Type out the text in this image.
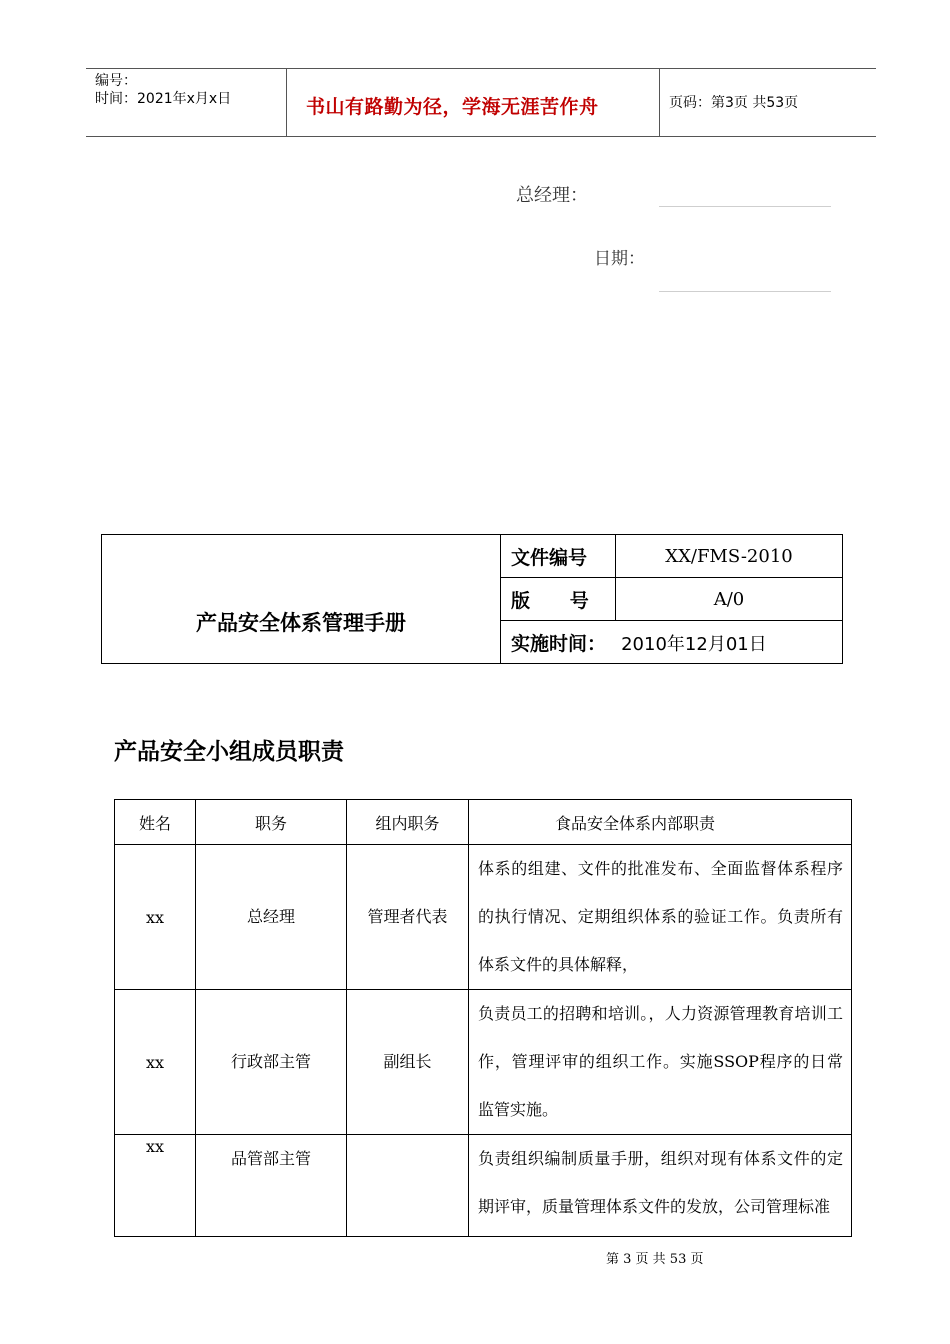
编号：
时间：2021年x月x日	书山有路勤为径，学海无涯苦作舟	页码：第3页 共53页
总经理：
日期：
产品安全体系管理手册	文件编号	XX/FMS-2010
	版      号	A/0
	实施时间： 2010年12月01日	
产品安全小组成员职责
姓名	职务	组内职务	食品安全体系内部职责
xx	总经理	管理者代表	体系的组建、文件的批准发布、全面监督体系程序的执行情况、定期组织体系的验证工作。负责所有体系文件的具体解释，
xx	行政部主管	副组长	负责员工的招聘和培训。，人力资源管理教育培训工作，管理评审的组织工作。实施SSOP程序的日常监管实施。
xx	品管部主管		负责组织编制质量手册，组织对现有体系文件的定期评审，质量管理体系文件的发放，公司管理标准
第 3 页 共 53 页
